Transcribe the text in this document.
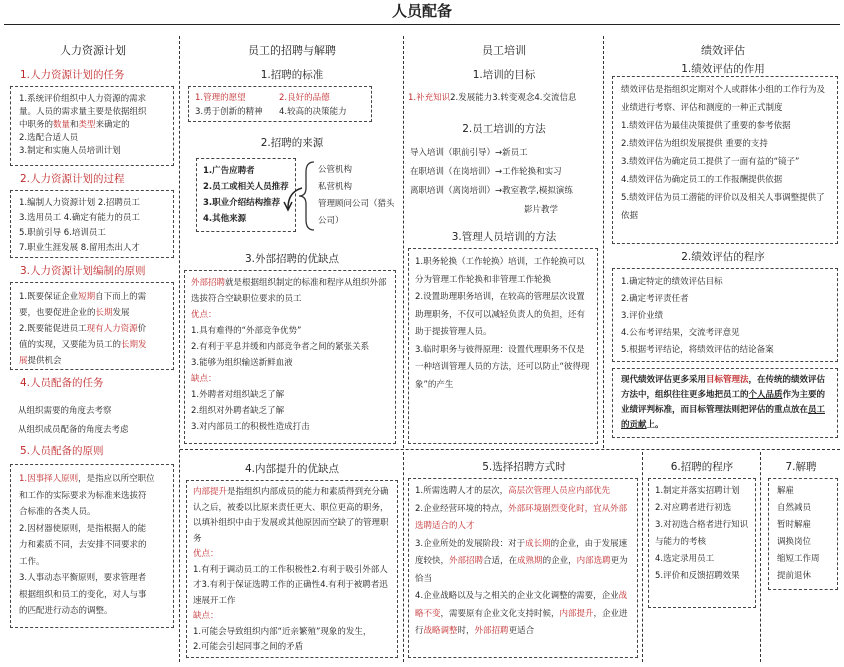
人员配备
人力资源计划
1.人力资源计划的任务
1.系统评价组织中人力资源的需求
量。人员的需求量主要是依据组织
中职务的数量和类型来确定的
2.选配合适人员
3.制定和实施人员培训计划
2.人力资源计划的过程
1.编制人力资源计划 2.招聘员工
3.选用员工 4.确定有能力的员工
5.职前引导 6.培训员工
7.职业生涯发展 8.留用杰出人才
3.人力资源计划编制的原则
1.既要保证企业短期自下而上的需
要，也要促进企业的长期发展
2.既要能促进员工现有人力资源价
值的实现，又要能为员工的长期发
展提供机会
4.人员配备的任务
从组织需要的角度去考察
从组织成员配备的角度去考虑
5.人员配备的原则
1.因事择人原则，是指应以所空职位
和工作的实际要求为标准来选拔符
合标准的各类人员。
2.因材器使原则，是指根据人的能
力和素质不同，去安排不同要求的
工作。
3.人事动态平衡原则，要求管理者
根据组织和员工的变化，对人与事
的匹配进行动态的调整。
员工的招聘与解聘
1.招聘的标准
1.管理的愿望	2.良好的品德
3.勇于创新的精神 4.较高的决策能力
2.招聘的来源
1.广告应聘者
2.员工或相关人员推荐
3.职业介绍结构推荐
4.其他来源
公管机构
私营机构
管理顾问公司（猎头公司）
3.外部招聘的优缺点
外部招聘就是根据组织制定的标准和程序从组织外部选拔符合空缺职位要求的员工
优点：
1.具有难得的“外部竞争优势”
2.有利于平息并缓和内部竞争者之间的紧张关系
3.能够为组织输送新鲜血液
缺点：
1.外聘者对组织缺乏了解
2.组织对外聘者缺乏了解
3.对内部员工的积极性造成打击
员工培训
1.培训的目标
1.补充知识2.发展能力3.转变观念4.交流信息
2.员工培训的方法
导入培训（职前引导）→新员工
在职培训（在岗培训）→工作轮换和实习
离职培训（离岗培训）→教室教学,模拟演练
影片教学
3.管理人员培训的方法

1.职务轮换（工作轮换）培训，工作轮换可以分为管理工作轮换和非管理工作轮换

2.设置助理职务培训，在较高的管理层次设置助理职务，不仅可以减轻负责人的负担，还有助于提拔管理人员。

3.临时职务与彼得原理：设置代理职务不仅是一种培训管理人员的方法，还可以防止“彼得现象”的产生

绩效评估
1.绩效评估的作用

绩效评估是指组织定期对个人或群体小组的工作行为及业绩进行考察、评估和测度的一种正式制度

1.绩效评估为最佳决策提供了重要的参考依据

2.绩效评估为组织发展提供 重要的支持

3.绩效评估为确定员工提供了一面有益的“镜子”

4.绩效评估为确定员工的工作报酬提供依据

5.绩效评估为员工潜能的评价以及相关人事调整提供了依据

2.绩效评估的程序
1.确定特定的绩效评估目标
2.确定考评责任者
3.评价业绩
4.公布考评结果，交流考评意见
5.根据考评结论，将绩效评估的结论备案
现代绩效评估更多采用目标管理法，在传统的绩效评估方法中，组织往往更多地把员工的个人品质作为主要的业绩评判标准，而目标管理法则把评估的重点放在员工的贡献上。
4.内部提升的优缺点
内部提升是指组织内部成员的能力和素质得到充分确认之后，被委以比原来责任更大、职位更高的职务，以填补组织中由于发展或其他原因而空缺了的管理职务
优点：
1.有利于调动员工的工作积极性2.有利于吸引外部人才3.有利于保证选聘工作的正确性4.有利于被聘者迅速展开工作
缺点：
1.可能会导致组织内部“近亲繁殖”现象的发生，
2.可能会引起同事之间的矛盾
5.选择招聘方式时

1.所需选聘人才的层次，高层次管理人员应内部优先

2.企业经营环境的特点，外部环境剧烈变化时，宜从外部选聘适合的人才

3.企业所处的发展阶段：对于成长期的企业，由于发展速度较快，外部招聘合适，在成熟期的企业，内部选聘更为恰当

4.企业战略以及与之相关的企业文化调整的需要，企业战略不变，需要原有企业文化支持时候，内部提升，企业进行战略调整时，外部招聘更适合

6.招聘的程序

1.制定并落实招聘计划

2.对应聘者进行初选

3.对初选合格者进行知识与能力的考核

4.选定录用员工

5.评价和反馈招聘效果

7.解聘
解雇
自然减员
暂时解雇
调换岗位
缩短工作周
提前退休
